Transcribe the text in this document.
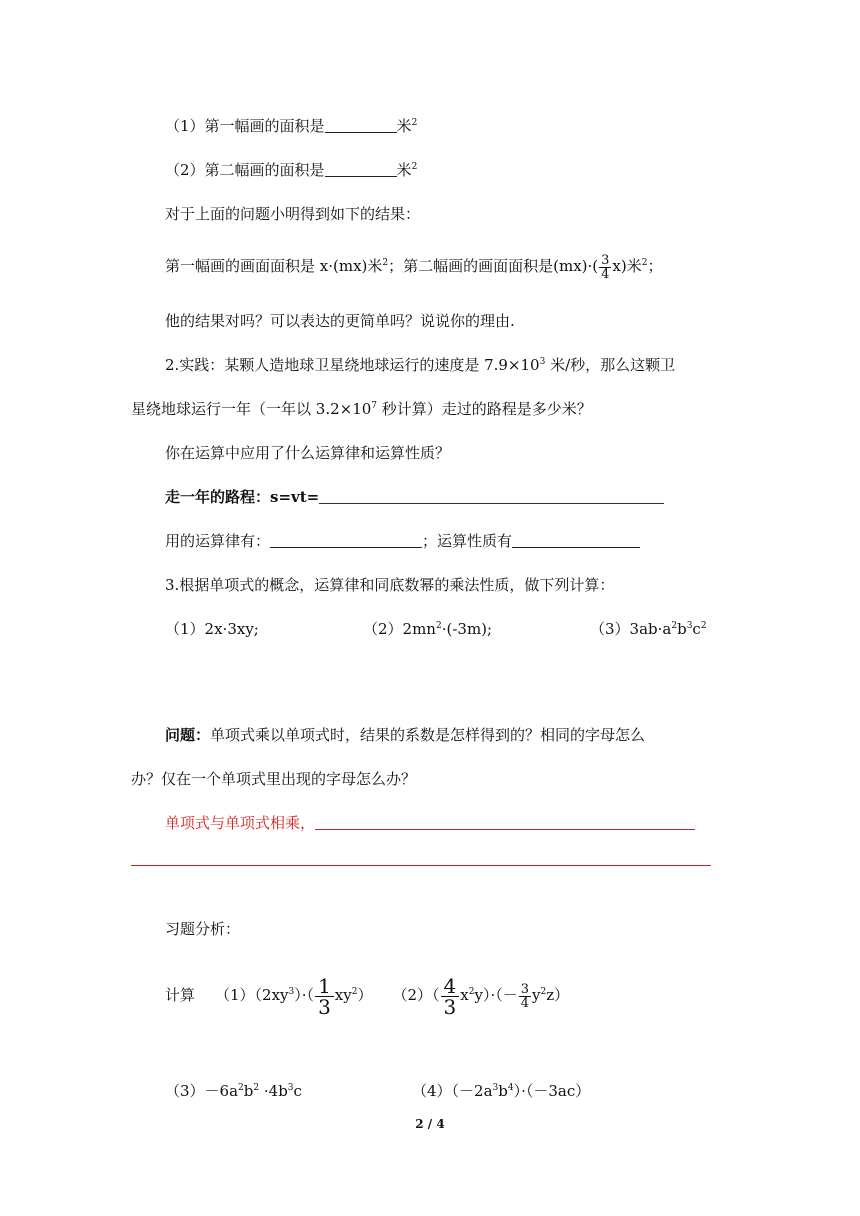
（1）第一幅画的面积是	米$^2$
（2）第二幅画的面积是	米$^2$
对于上面的问题小明得到如下的结果：
第一幅画的画面面积是 x·(mx)米$^2$；第二幅画的画面面积是$(mx)\cdot( \frac{3}{4} x)$米$^2$；
他的结果对吗？可以表达的更简单吗？说说你的理由.
2.实践：某颗人造地球卫星绕地球运行的速度是 $7.9\times 10^3$ 米/秒，那么这颗卫
星绕地球运行一年（一年以 $3.2\times 10^7$ 秒计算）走过的路程是多少米？
你在运算中应用了什么运算律和运算性质？
走一年的路程：s=vt=
用的运算律有：	；运算性质有
3.根据单项式的概念，运算律和同底数幂的乘法性质，做下列计算：
（1）2x·3xy;	$(2)2mn^2\cdot(-3m)$;	$(3)3ab\cdot a^2b^3c^2$
问题：单项式乘以单项式时，结果的系数是怎样得到的？相同的字母怎么
办？仅在一个单项式里出现的字母怎么办？
单项式与单项式相乘，
习题分析：
计算 $(1)(2xy^3)\cdot( \frac{1}{3} xy^2)$ $(2)( \frac{4}{3} x^2y)\cdot(- \frac{3}{4} y^2z)$
$(3)-6a^2b^2 \cdot 4b^3c$	$(4)(-2a^3b^4)\cdot(-3ac)$
2 / 4
